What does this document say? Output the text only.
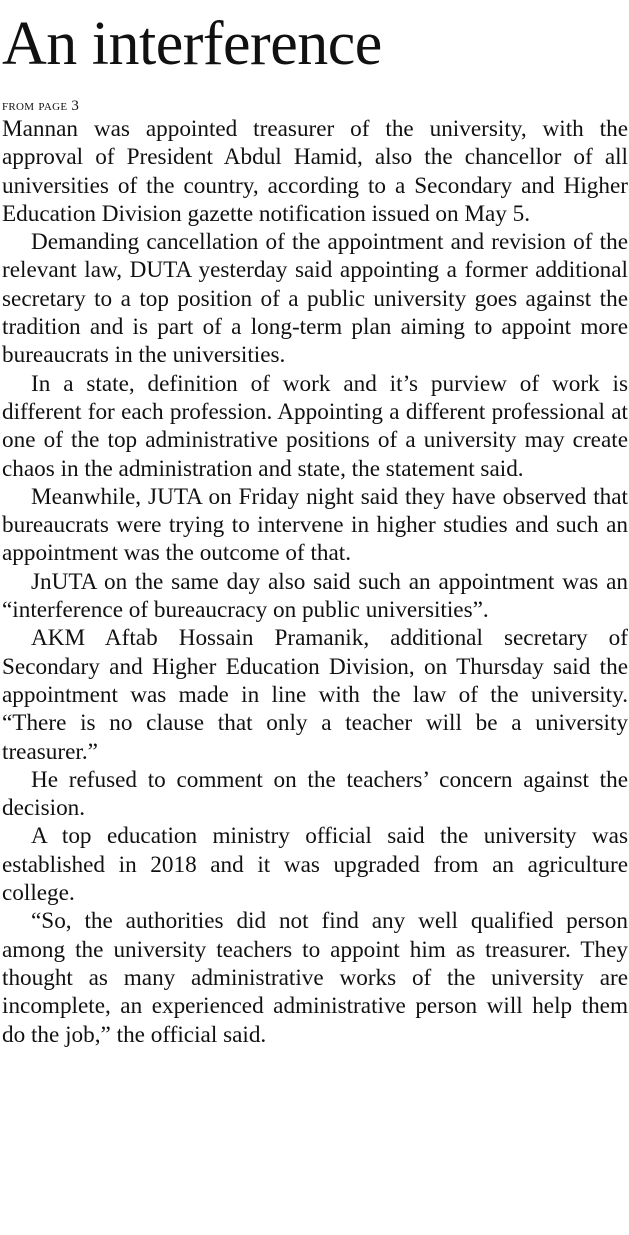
An interference
from page 3

Mannan was appointed treasurer of the university, with the approval of President Abdul Hamid, also the chancellor of all universities of the country, according to a Secondary and Higher Education Division gazette notification issued on May 5.

Demanding cancellation of the appointment and revision of the relevant law, DUTA yesterday said appointing a former additional secretary to a top position of a public university goes against the tradition and is part of a long-term plan aiming to appoint more bureaucrats in the universities.

In a state, definition of work and it’s purview of work is different for each profession. Appointing a different professional at one of the top administrative positions of a university may create chaos in the administration and state, the statement said.

Meanwhile, JUTA on Friday night said they have observed that bureaucrats were trying to intervene in higher studies and such an appointment was the outcome of that.

JnUTA on the same day also said such an appointment was an “interference of bureaucracy on public universities”.

AKM Aftab Hossain Pramanik, additional secretary of Secondary and Higher Education Division, on Thursday said the appointment was made in line with the law of the university. “There is no clause that only a teacher will be a university treasurer.”

He refused to comment on the teachers’ concern against the decision.

A top education ministry official said the university was established in 2018 and it was upgraded from an agriculture college.

“So, the authorities did not find any well qualified person among the university teachers to appoint him as treasurer. They thought as many administrative works of the university are incomplete, an experienced administrative person will help them do the job,” the official said.
